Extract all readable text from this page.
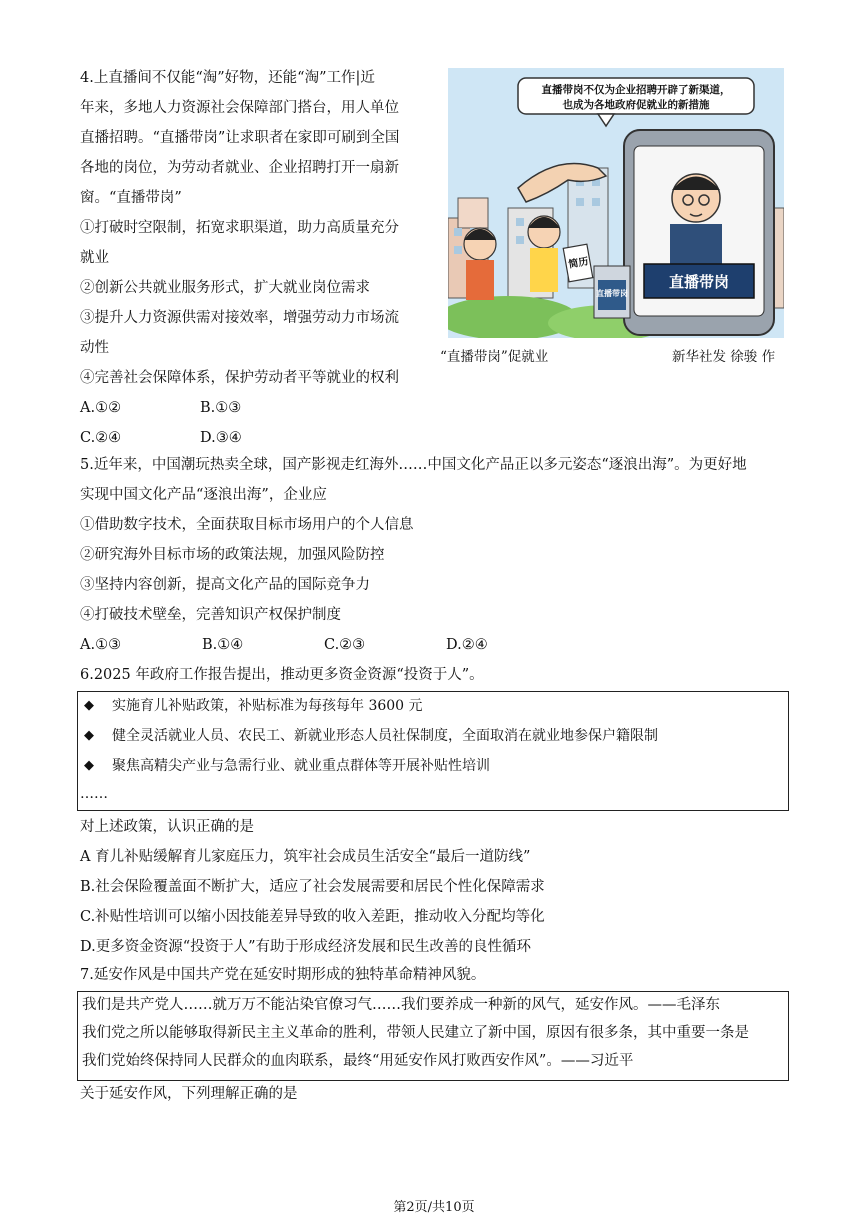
4.上直播间不仅能“淘”好物，还能“淘”工作|近
年来，多地人力资源社会保障部门搭台，用人单位
直播招聘。“直播带岗”让求职者在家即可刷到全国
各地的岗位，为劳动者就业、企业招聘打开一扇新
窗。“直播带岗”
①打破时空限制，拓宽求职渠道，助力高质量充分
就业
②创新公共就业服务形式，扩大就业岗位需求
③提升人力资源供需对接效率，增强劳动力市场流
动性
④完善社会保障体系，保护劳动者平等就业的权利
A.①②	B.①③
C.②④	D.③④
直播带岗不仅为企业招聘开辟了新渠道，
也成为各地政府促就业的新措施
直播带岗
简历
直播带岗
“直播带岗”促就业	新华社发 徐骏 作
5.近年来，中国潮玩热卖全球，国产影视走红海外……中国文化产品正以多元姿态“逐浪出海”。为更好地
实现中国文化产品“逐浪出海”，企业应
①借助数字技术，全面获取目标市场用户的个人信息
②研究海外目标市场的政策法规，加强风险防控
③坚持内容创新，提高文化产品的国际竞争力
④打破技术壁垒，完善知识产权保护制度
A.①③	B.①④	C.②③	D.②④
6.2025 年政府工作报告提出，推动更多资金资源“投资于人”。
◆ 实施育儿补贴政策，补贴标准为每孩每年 3600 元
◆ 健全灵活就业人员、农民工、新就业形态人员社保制度，全面取消在就业地参保户籍限制
◆ 聚焦高精尖产业与急需行业、就业重点群体等开展补贴性培训
……
对上述政策，认识正确的是
A 育儿补贴缓解育儿家庭压力，筑牢社会成员生活安全“最后一道防线”
B.社会保险覆盖面不断扩大，适应了社会发展需要和居民个性化保障需求
C.补贴性培训可以缩小因技能差异导致的收入差距，推动收入分配均等化
D.更多资金资源“投资于人”有助于形成经济发展和民生改善的良性循环
7.延安作风是中国共产党在延安时期形成的独特革命精神风貌。
我们是共产党人……就万万不能沾染官僚习气……我们要养成一种新的风气，延安作风。——毛泽东
我们党之所以能够取得新民主主义革命的胜利，带领人民建立了新中国，原因有很多条，其中重要一条是
我们党始终保持同人民群众的血肉联系，最终“用延安作风打败西安作风”。——习近平
关于延安作风，下列理解正确的是
第2页/共10页
